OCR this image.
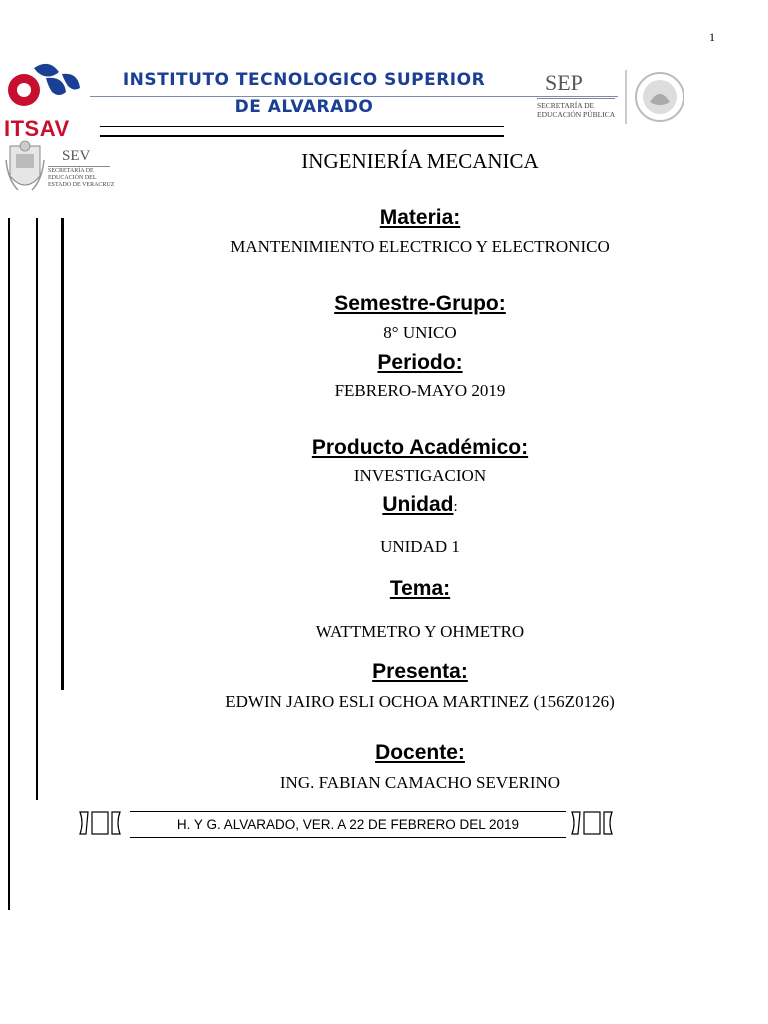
1
ITSAV
INSTITUTO TECNOLOGICO SUPERIOR
DE ALVARADO
SEP
SECRETARÍA DE EDUCACIÓN PÚBLICA
SEV
SECRETARÍA DE EDUCACIÓN DEL ESTADO DE VERACRUZ
INGENIERÍA MECANICA
Materia:
MANTENIMIENTO ELECTRICO Y ELECTRONICO
Semestre-Grupo:
8° UNICO
Periodo:
FEBRERO-MAYO 2019
Producto Académico:
INVESTIGACION
Unidad:
UNIDAD 1
Tema:
WATTMETRO Y OHMETRO
Presenta:
EDWIN JAIRO ESLI OCHOA MARTINEZ (156Z0126)
Docente:
ING. FABIAN CAMACHO SEVERINO
H. Y G. ALVARADO, VER. A 22 DE FEBRERO DEL 2019
